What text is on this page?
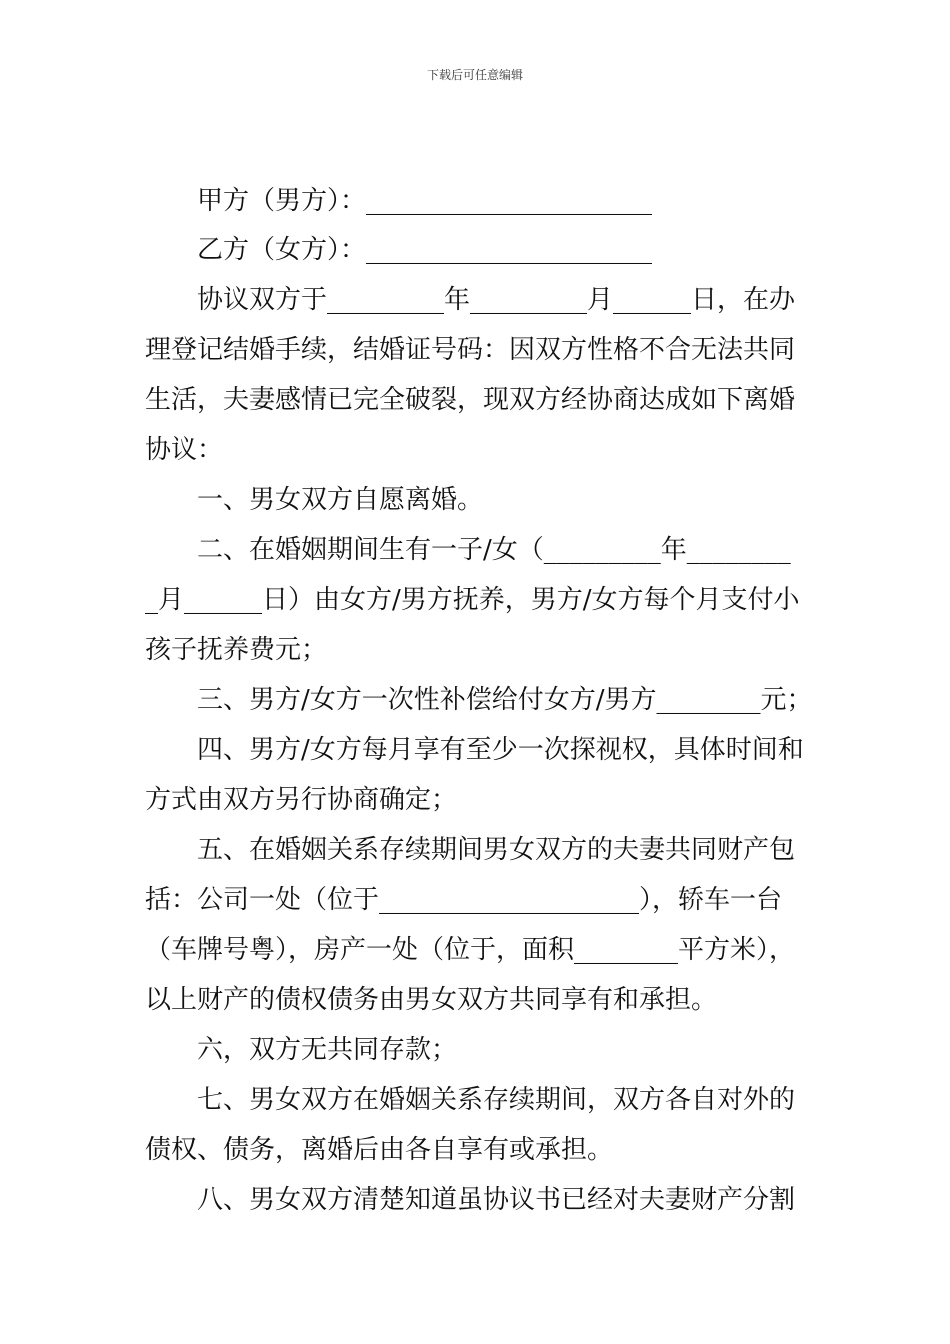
下载后可任意编辑
甲方（男方）：______________________
乙方（女方）：______________________
协议双方于_________年_________月______日，在办
理登记结婚手续，结婚证号码：因双方性格不合无法共同
生活，夫妻感情已完全破裂，现双方经协商达成如下离婚
协议：
一、男女双方自愿离婚。
二、在婚姻期间生有一子/女（_________年________
_月______日）由女方/男方抚养，男方/女方每个月支付小
孩子抚养费元；
三、男方/女方一次性补偿给付女方/男方________元；
四、男方/女方每月享有至少一次探视权，具体时间和
方式由双方另行协商确定；
五、在婚姻关系存续期间男女双方的夫妻共同财产包
括：公司一处（位于____________________），轿车一台
（车牌号粤），房产一处（位于，面积________平方米），
以上财产的债权债务由男女双方共同享有和承担。
六，双方无共同存款；
七、男女双方在婚姻关系存续期间，双方各自对外的
债权、债务，离婚后由各自享有或承担。
八、男女双方清楚知道虽协议书已经对夫妻财产分割
